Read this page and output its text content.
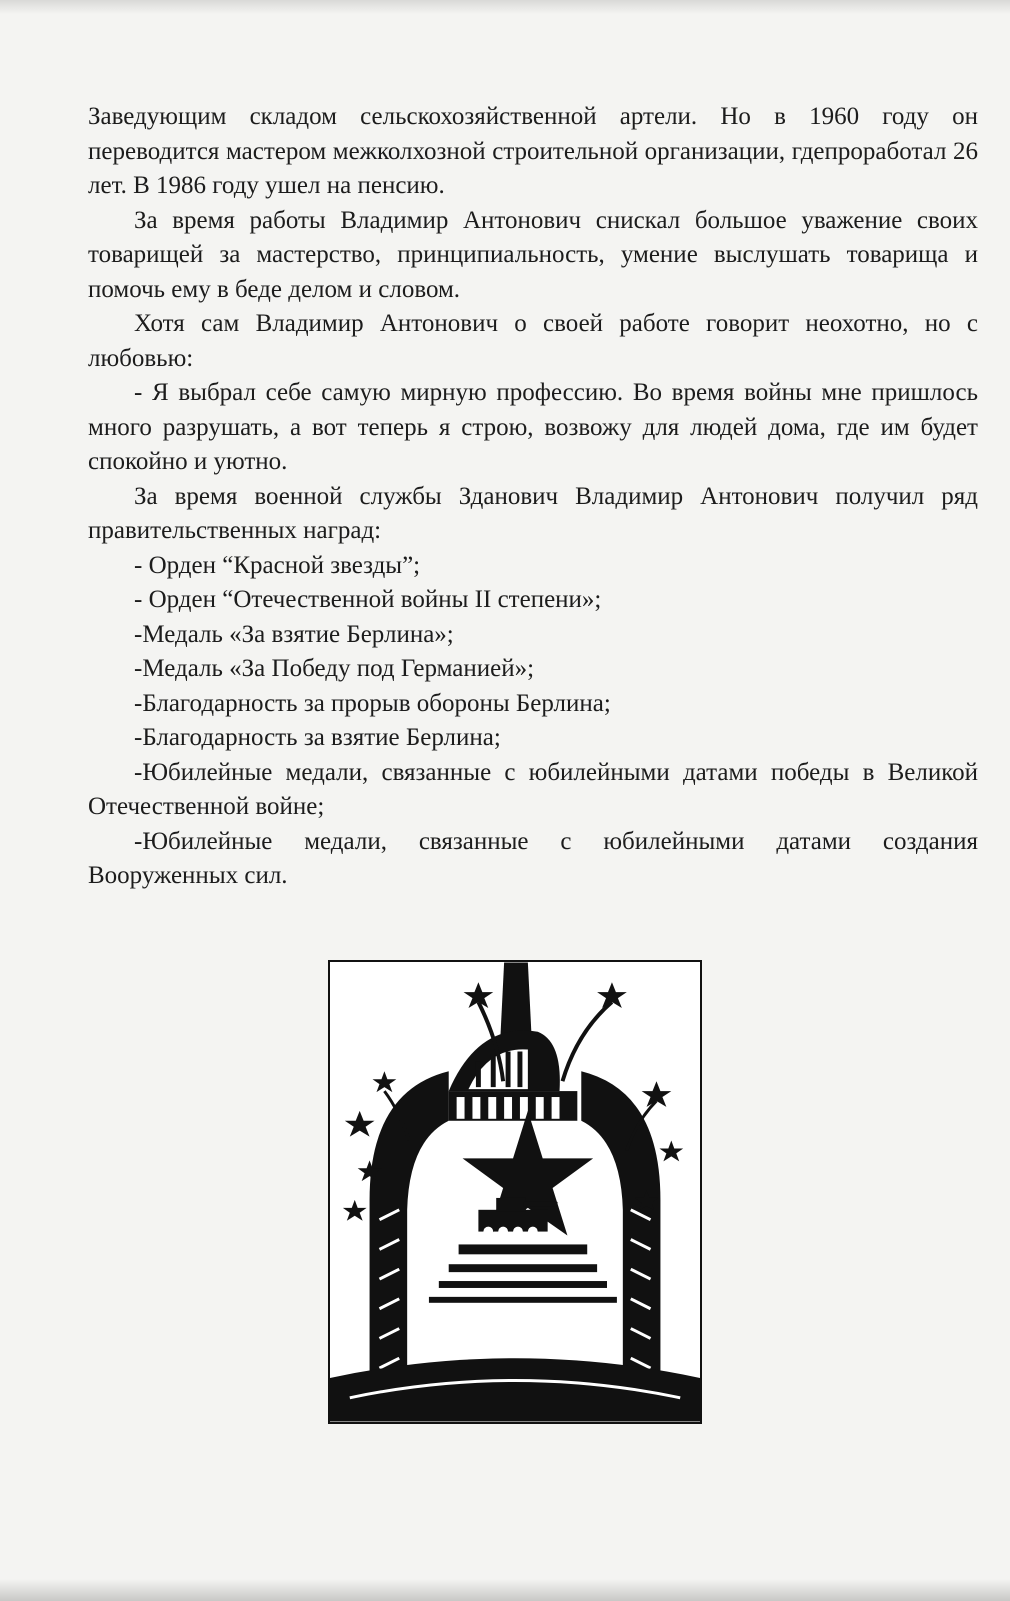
Заведующим складом сельскохозяйственной артели. Но в 1960 году он переводится мастером межколхозной строительной организации, гдепроработал 26 лет. В 1986 году ушел на пенсию.

За время работы Владимир Антонович снискал большое уважение своих товарищей за мастерство, принципиальность, умение выслушать товарища и помочь ему в беде делом и словом.

Хотя сам Владимир Антонович о своей работе говорит неохотно, но с любовью:

- Я выбрал себе самую мирную профессию. Во время войны мне пришлось много разрушать, а вот теперь я строю, возвожу для людей дома, где им будет спокойно и уютно.

За время военной службы Зданович Владимир Антонович получил ряд правительственных наград:

- Орден “Красной звезды”;

- Орден “Отечественной войны II степени»;

-Медаль «За взятие Берлина»;

-Медаль «За Победу под Германией»;

-Благодарность за прорыв обороны Берлина;

-Благодарность за взятие Берлина;

-Юбилейные медали, связанные с юбилейными датами победы в Великой Отечественной войне;

-Юбилейные медали, связанные с юбилейными датами создания Вооруженных сил.
